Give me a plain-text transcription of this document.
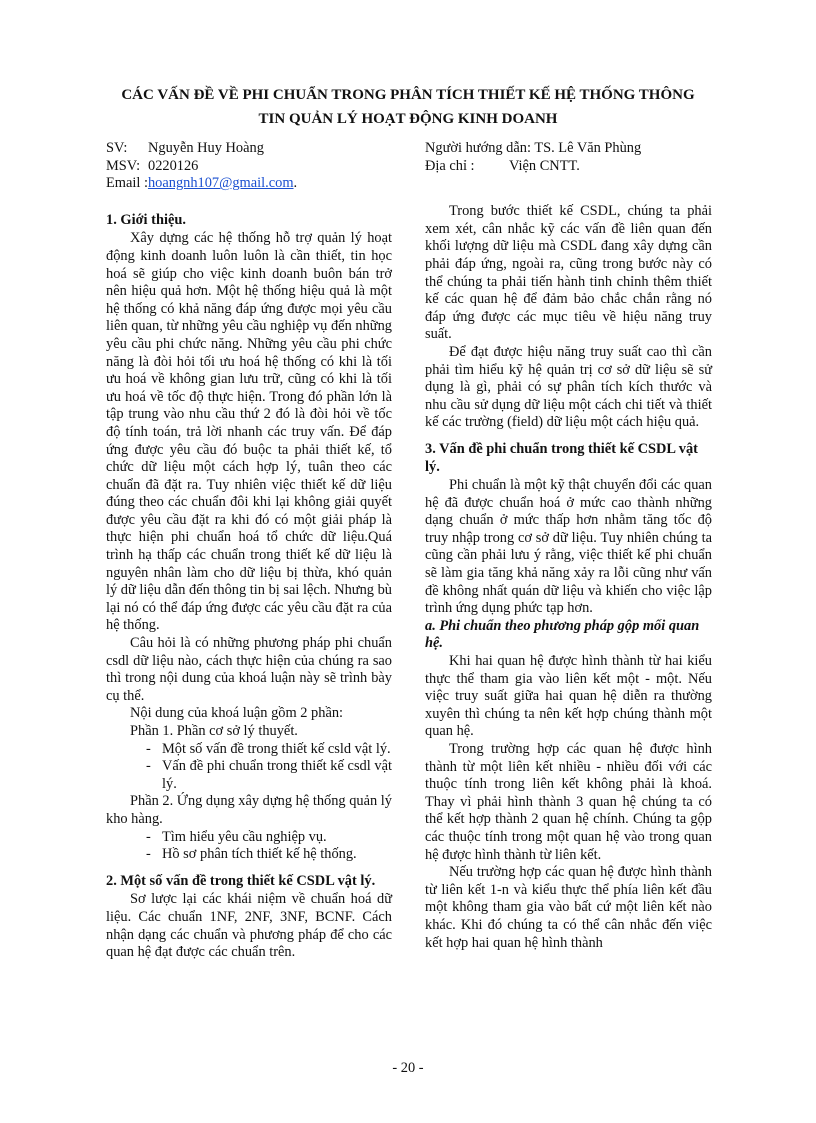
CÁC VẤN ĐỀ VỀ PHI CHUẨN TRONG PHÂN TÍCH THIẾT KẾ HỆ THỐNG THÔNG
TIN QUẢN LÝ HOẠT ĐỘNG KINH DOANH

SV: Nguyễn Huy Hoàng

MSV: 0220126

Email :hoangnh107@gmail.com.

1. Giới thiệu.

Xây dựng các hệ thống hỗ trợ quản lý hoạt động kinh doanh luôn luôn là cần thiết, tin học hoá sẽ giúp cho việc kinh doanh buôn bán trở nên hiệu quả hơn. Một hệ thống hiệu quả là một hệ thống có khả năng đáp ứng được mọi yêu cầu liên quan, từ những yêu cầu nghiệp vụ đến những yêu cầu phi chức năng. Những yêu cầu phi chức năng là đòi hỏi tối ưu hoá hệ thống có khi là tối ưu hoá về không gian lưu trữ, cũng có khi là tối ưu hoá về tốc độ thực hiện. Trong đó phần lớn là tập trung vào nhu cầu thứ 2 đó là đòi hỏi về tốc độ tính toán, trả lời nhanh các truy vấn. Để đáp ứng được yêu cầu đó buộc ta phải thiết kế, tổ chức dữ liệu một cách hợp lý, tuân theo các chuẩn đã đặt ra. Tuy nhiên việc thiết kế dữ liệu đúng theo các chuẩn đôi khi lại không giải quyết được yêu cầu đặt ra khi đó có một giải pháp là thực hiện phi chuẩn hoá tổ chức dữ liệu.Quá trình hạ thấp các chuẩn trong thiết kế dữ liệu là nguyên nhân làm cho dữ liệu bị thừa, khó quản lý dữ liệu dẫn đến thông tin bị sai lệch. Nhưng bù lại nó có thể đáp ứng được các yêu cầu đặt ra của hệ thống.

Câu hỏi là có những phương pháp phi chuẩn csdl dữ liệu nào, cách thực hiện của chúng ra sao thì trong nội dung của khoá luận này sẽ trình bày cụ thể.

Nội dung của khoá luận gồm 2 phần:

Phần 1. Phần cơ sở lý thuyết.

- Một số vấn đề trong thiết kế csld vật lý.
- Vấn đề phi chuẩn trong thiết kế csdl vật lý.

Phần 2. Ứng dụng xây dựng hệ thống quản lý kho hàng.

- Tìm hiểu yêu cầu nghiệp vụ.
- Hồ sơ phân tích thiết kế hệ thống.
2. Một số vấn đề trong thiết kế CSDL vật lý.

Sơ lược lại các khái niệm về chuẩn hoá dữ liệu. Các chuẩn 1NF, 2NF, 3NF, BCNF. Cách nhận dạng các chuẩn và phương pháp để cho các quan hệ đạt được các chuẩn trên.

Người hướng dẫn: TS. Lê Văn Phùng

Địa chỉ : Viện CNTT.

Trong bước thiết kế CSDL, chúng ta phải xem xét, cân nhắc kỹ các vấn đề liên quan đến khối lượng dữ liệu mà CSDL đang xây dựng cần phải đáp ứng, ngoài ra, cũng trong bước này có thể chúng ta phải tiến hành tinh chỉnh thêm thiết kế các quan hệ để đảm bảo chắc chắn rằng nó đáp ứng được các mục tiêu về hiệu năng truy suất.

Để đạt được hiệu năng truy suất cao thì cần phải tìm hiểu kỹ hệ quản trị cơ sở dữ liệu sẽ sử dụng là gì, phải có sự phân tích kích thước và nhu cầu sử dụng dữ liệu một cách chi tiết và thiết kế các trường (field) dữ liệu một cách hiệu quả.

3. Vấn đề phi chuẩn trong thiết kế CSDL vật lý.

Phi chuẩn là một kỹ thật chuyển đổi các quan hệ đã được chuẩn hoá ở mức cao thành những dạng chuẩn ở mức thấp hơn nhằm tăng tốc độ truy nhập trong cơ sở dữ liệu. Tuy nhiên chúng ta cũng cần phải lưu ý rằng, việc thiết kế phi chuẩn sẽ làm gia tăng khả năng xảy ra lỗi cũng như vấn đề không nhất quán dữ liệu và khiến cho việc lập trình ứng dụng phức tạp hơn.

a. Phi chuẩn theo phương pháp gộp mối quan hệ.

Khi hai quan hệ được hình thành từ hai kiểu thực thể tham gia vào liên kết một - một. Nếu việc truy suất giữa hai quan hệ diễn ra thường xuyên thì chúng ta nên kết hợp chúng thành một quan hệ.

Trong trường hợp các quan hệ được hình thành từ một liên kết nhiều - nhiều đối với các thuộc tính trong liên kết không phải là khoá. Thay vì phải hình thành 3 quan hệ chúng ta có thể kết hợp thành 2 quan hệ chính. Chúng ta gộp các thuộc tính trong một quan hệ vào trong quan hệ được hình thành từ liên kết.

Nếu trường hợp các quan hệ được hình thành từ liên kết 1-n và kiểu thực thể phía liên kết đầu một không tham gia vào bất cứ một liên kết nào khác. Khi đó chúng ta có thể cân nhắc đến việc kết hợp hai quan hệ hình thành

- 20 -
